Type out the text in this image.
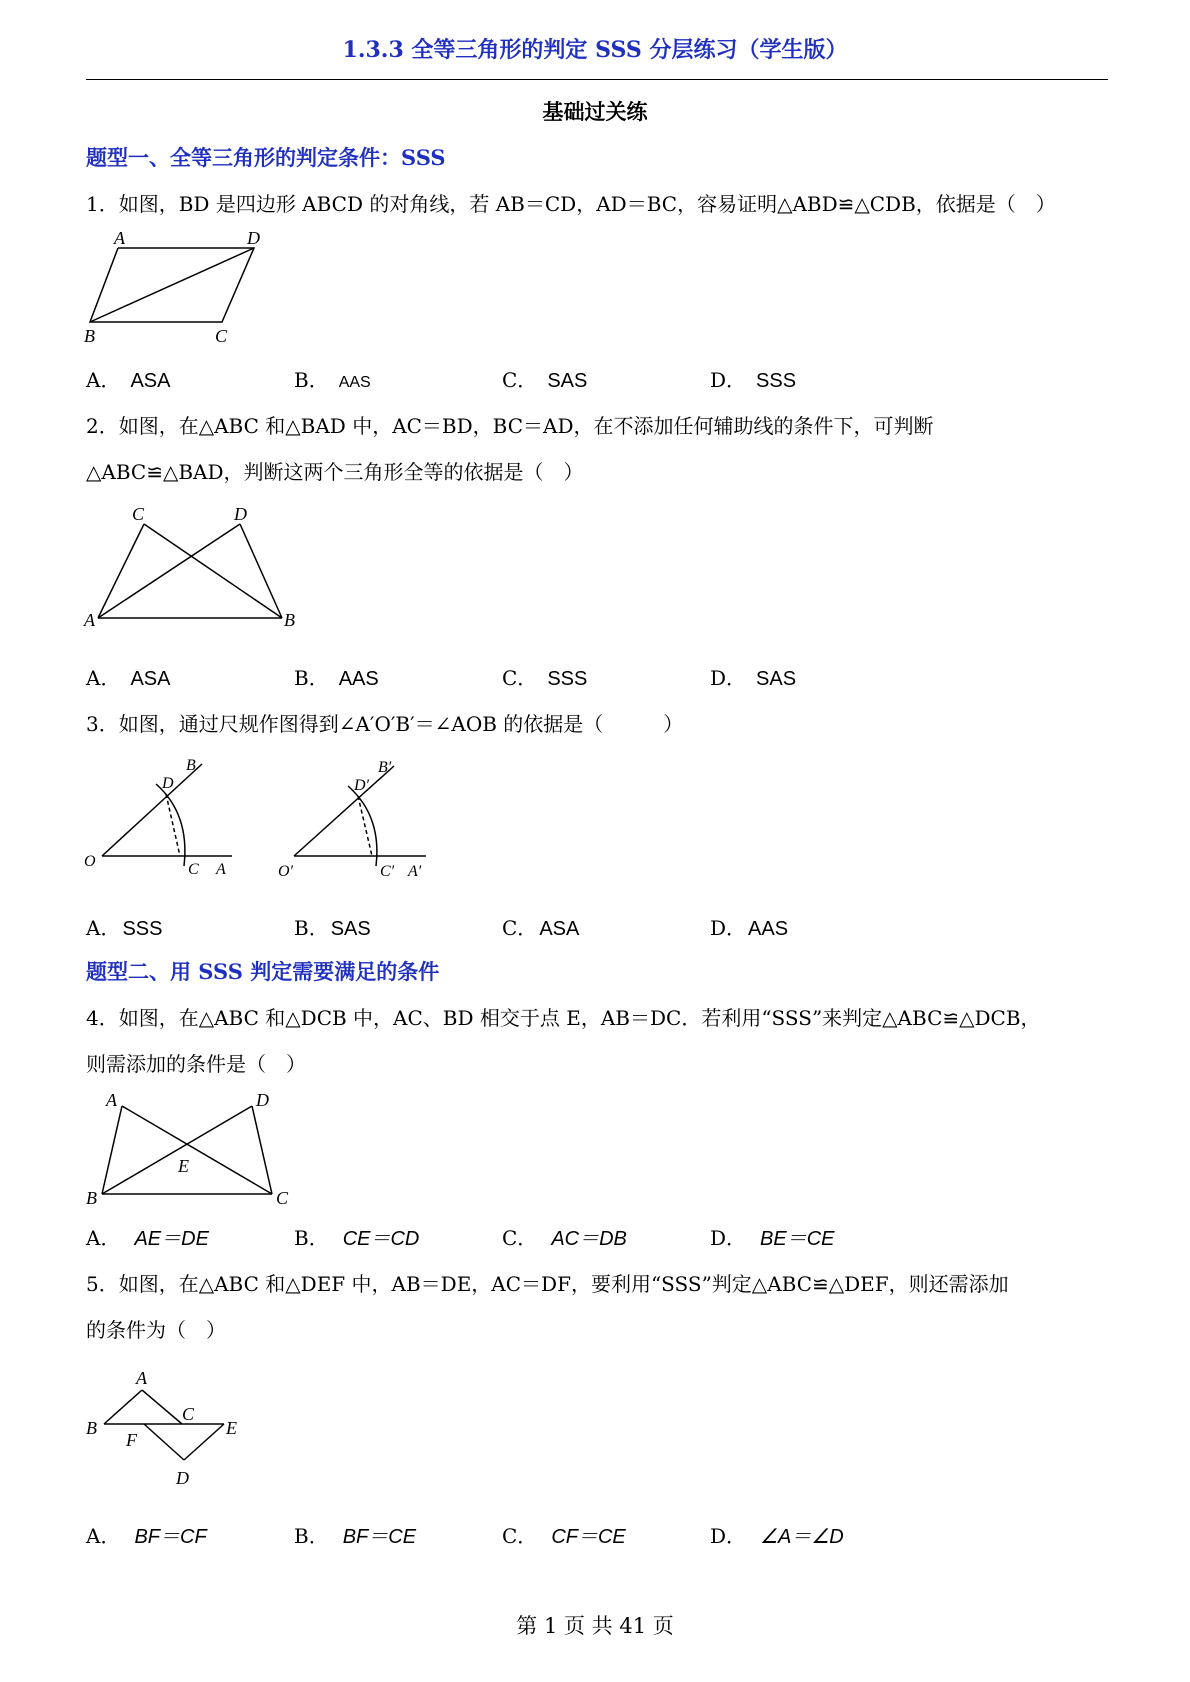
1.3.3 全等三角形的判定 SSS 分层练习（学生版）
基础过关练
题型一、全等三角形的判定条件：SSS
1．如图，BD 是四边形 ABCD 的对角线，若 AB＝CD，AD＝BC，容易证明△ABD≌△CDB，依据是（　）
A	D
B	C
A． ASA	B． AAS	C． SAS	D． SSS
2．如图，在△ABC 和△BAD 中，AC＝BD，BC＝AD，在不添加任何辅助线的条件下，可判断
△ABC≌△BAD，判断这两个三角形全等的依据是（　）
C	D
A	B
A． ASA	B． AAS	C． SSS	D． SAS
3．如图，通过尺规作图得到∠A′O′B′＝∠AOB 的依据是（　　　）
B
D
O	C A
B′
D′
O′	C′ A′
A． SSS	B． SAS	C． ASA	D． AAS
题型二、用 SSS 判定需要满足的条件
4．如图，在△ABC 和△DCB 中，AC、BD 相交于点 E，AB＝DC．若利用“SSS”来判定△ABC≌△DCB，
则需添加的条件是（　）
A	D
E
B	C
A． AE＝DE	B． CE＝CD	C． AC＝DB	D． BE＝CE
5．如图，在△ABC 和△DEF 中，AB＝DE，AC＝DF，要利用“SSS”判定△ABC≌△DEF，则还需添加
的条件为（　）
A
B
C
E
F
D
A． BF＝CF	B． BF＝CE	C． CF＝CE	D． ∠A＝∠D
第 1 页 共 41 页
